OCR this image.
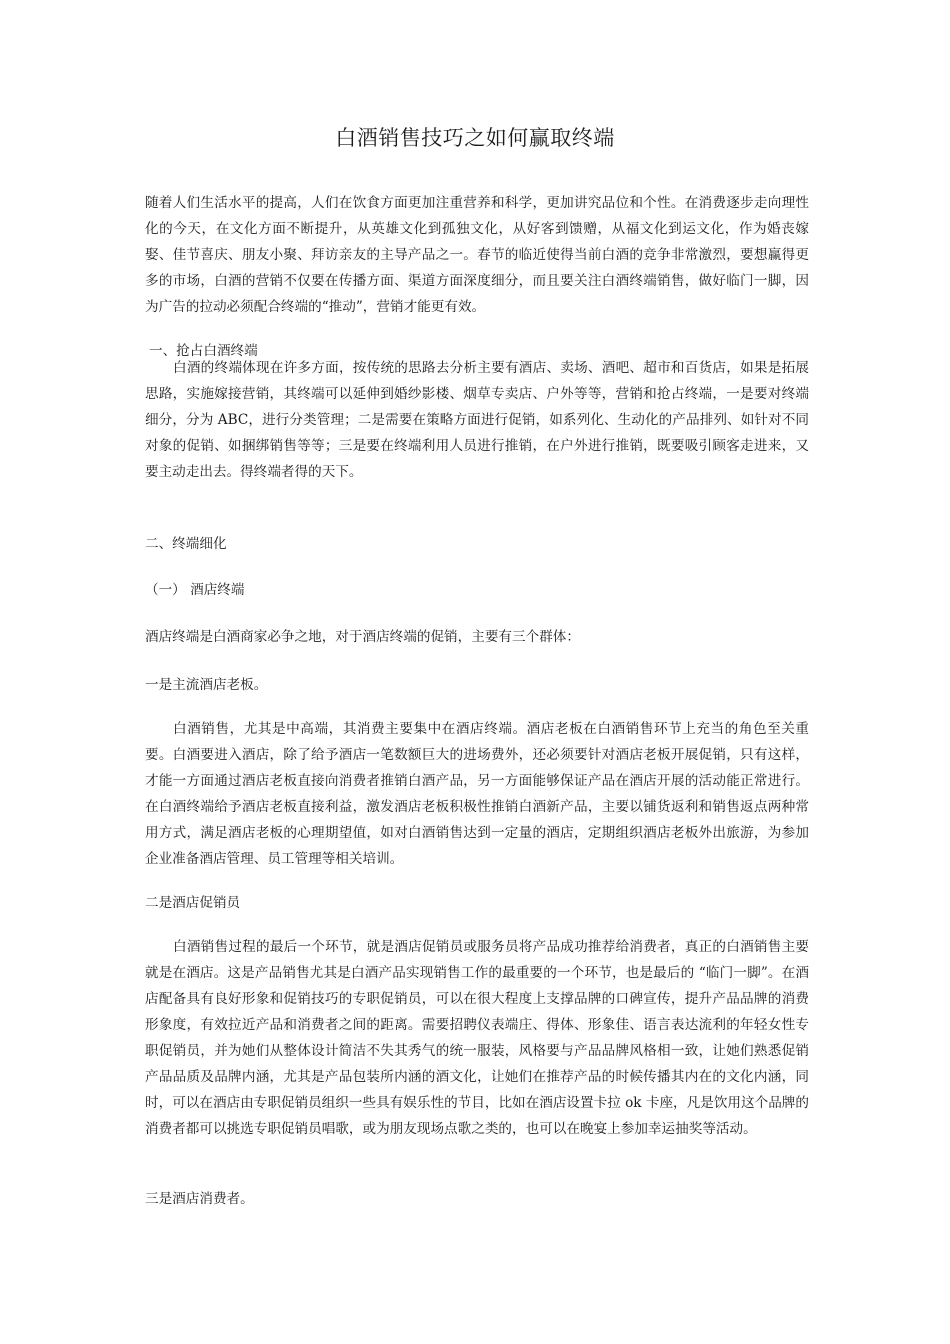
白酒销售技巧之如何赢取终端

随着人们生活水平的提高，人们在饮食方面更加注重营养和科学，更加讲究品位和个性。在消费逐步走向理性化的今天，在文化方面不断提升，从英雄文化到孤独文化，从好客到馈赠，从福文化到运文化，作为婚丧嫁娶、佳节喜庆、朋友小聚、拜访亲友的主导产品之一。春节的临近使得当前白酒的竞争非常激烈，要想赢得更多的市场，白酒的营销不仅要在传播方面、渠道方面深度细分，而且要关注白酒终端销售，做好临门一脚，因为广告的拉动必须配合终端的“推动”，营销才能更有效。

一、抢占白酒终端

白酒的终端体现在许多方面，按传统的思路去分析主要有酒店、卖场、酒吧、超市和百货店，如果是拓展思路，实施嫁接营销，其终端可以延伸到婚纱影楼、烟草专卖店、户外等等，营销和抢占终端，一是要对终端细分，分为 ABC，进行分类管理；二是需要在策略方面进行促销，如系列化、生动化的产品排列、如针对不同对象的促销、如捆绑销售等等；三是要在终端利用人员进行推销，在户外进行推销，既要吸引顾客走进来，又要主动走出去。得终端者得的天下。

二、终端细化

（一） 酒店终端

酒店终端是白酒商家必争之地，对于酒店终端的促销，主要有三个群体：

一是主流酒店老板。

白酒销售，尤其是中高端，其消费主要集中在酒店终端。酒店老板在白酒销售环节上充当的角色至关重要。白酒要进入酒店，除了给予酒店一笔数额巨大的进场费外，还必须要针对酒店老板开展促销，只有这样，才能一方面通过酒店老板直接向消费者推销白酒产品，另一方面能够保证产品在酒店开展的活动能正常进行。在白酒终端给予酒店老板直接利益，激发酒店老板积极性推销白酒新产品，主要以铺货返利和销售返点两种常用方式，满足酒店老板的心理期望值，如对白酒销售达到一定量的酒店，定期组织酒店老板外出旅游，为参加企业准备酒店管理、员工管理等相关培训。

二是酒店促销员

白酒销售过程的最后一个环节，就是酒店促销员或服务员将产品成功推荐给消费者，真正的白酒销售主要就是在酒店。这是产品销售尤其是白酒产品实现销售工作的最重要的一个环节，也是最后的 “临门一脚”。在酒店配备具有良好形象和促销技巧的专职促销员，可以在很大程度上支撑品牌的口碑宣传，提升产品品牌的消费形象度，有效拉近产品和消费者之间的距离。需要招聘仪表端庄、得体、形象佳、语言表达流利的年轻女性专职促销员，并为她们从整体设计简洁不失其秀气的统一服装，风格要与产品品牌风格相一致，让她们熟悉促销产品品质及品牌内涵，尤其是产品包装所内涵的酒文化，让她们在推荐产品的时候传播其内在的文化内涵，同时，可以在酒店由专职促销员组织一些具有娱乐性的节目，比如在酒店设置卡拉 ok 卡座，凡是饮用这个品牌的消费者都可以挑选专职促销员唱歌，或为朋友现场点歌之类的，也可以在晚宴上参加幸运抽奖等活动。

三是酒店消费者。
